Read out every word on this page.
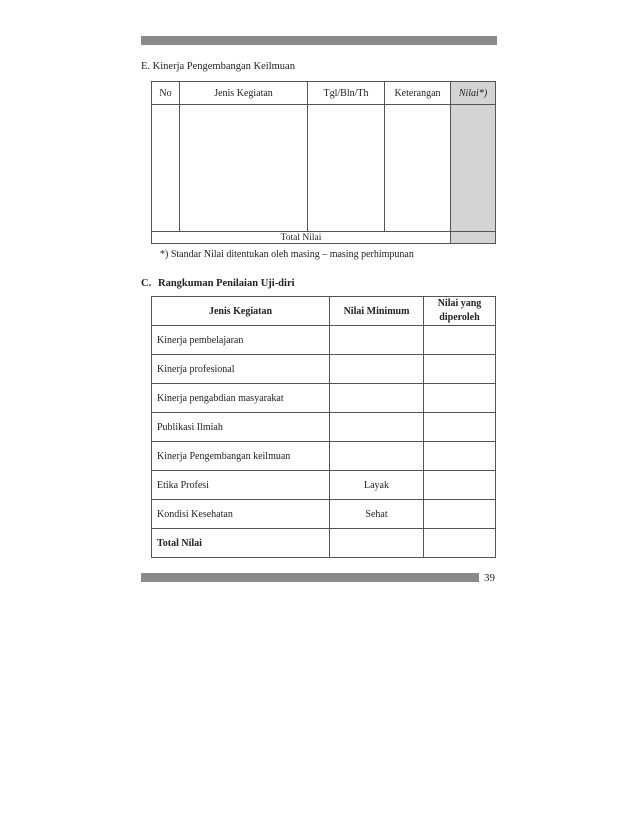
E. Kinerja Pengembangan Keilmuan
No	Jenis Kegiatan	Tgl/Bln/Th	Keterangan	Nilai*)

Total Nilai				
*) Standar Nilai ditentukan oleh masing – masing perhimpunan
C. Rangkuman Penilaian Uji-diri
Jenis Kegiatan	Nilai Minimum	Nilai yang diperoleh
Kinerja pembelajaran		
Kinerja profesional		
Kinerja pengabdian masyarakat		
Publikasi Ilmiah		
Kinerja Pengembangan keilmuan		
Etika Profesi	Layak	
Kondisi Kesehatan	Sehat	
Total Nilai		
39
